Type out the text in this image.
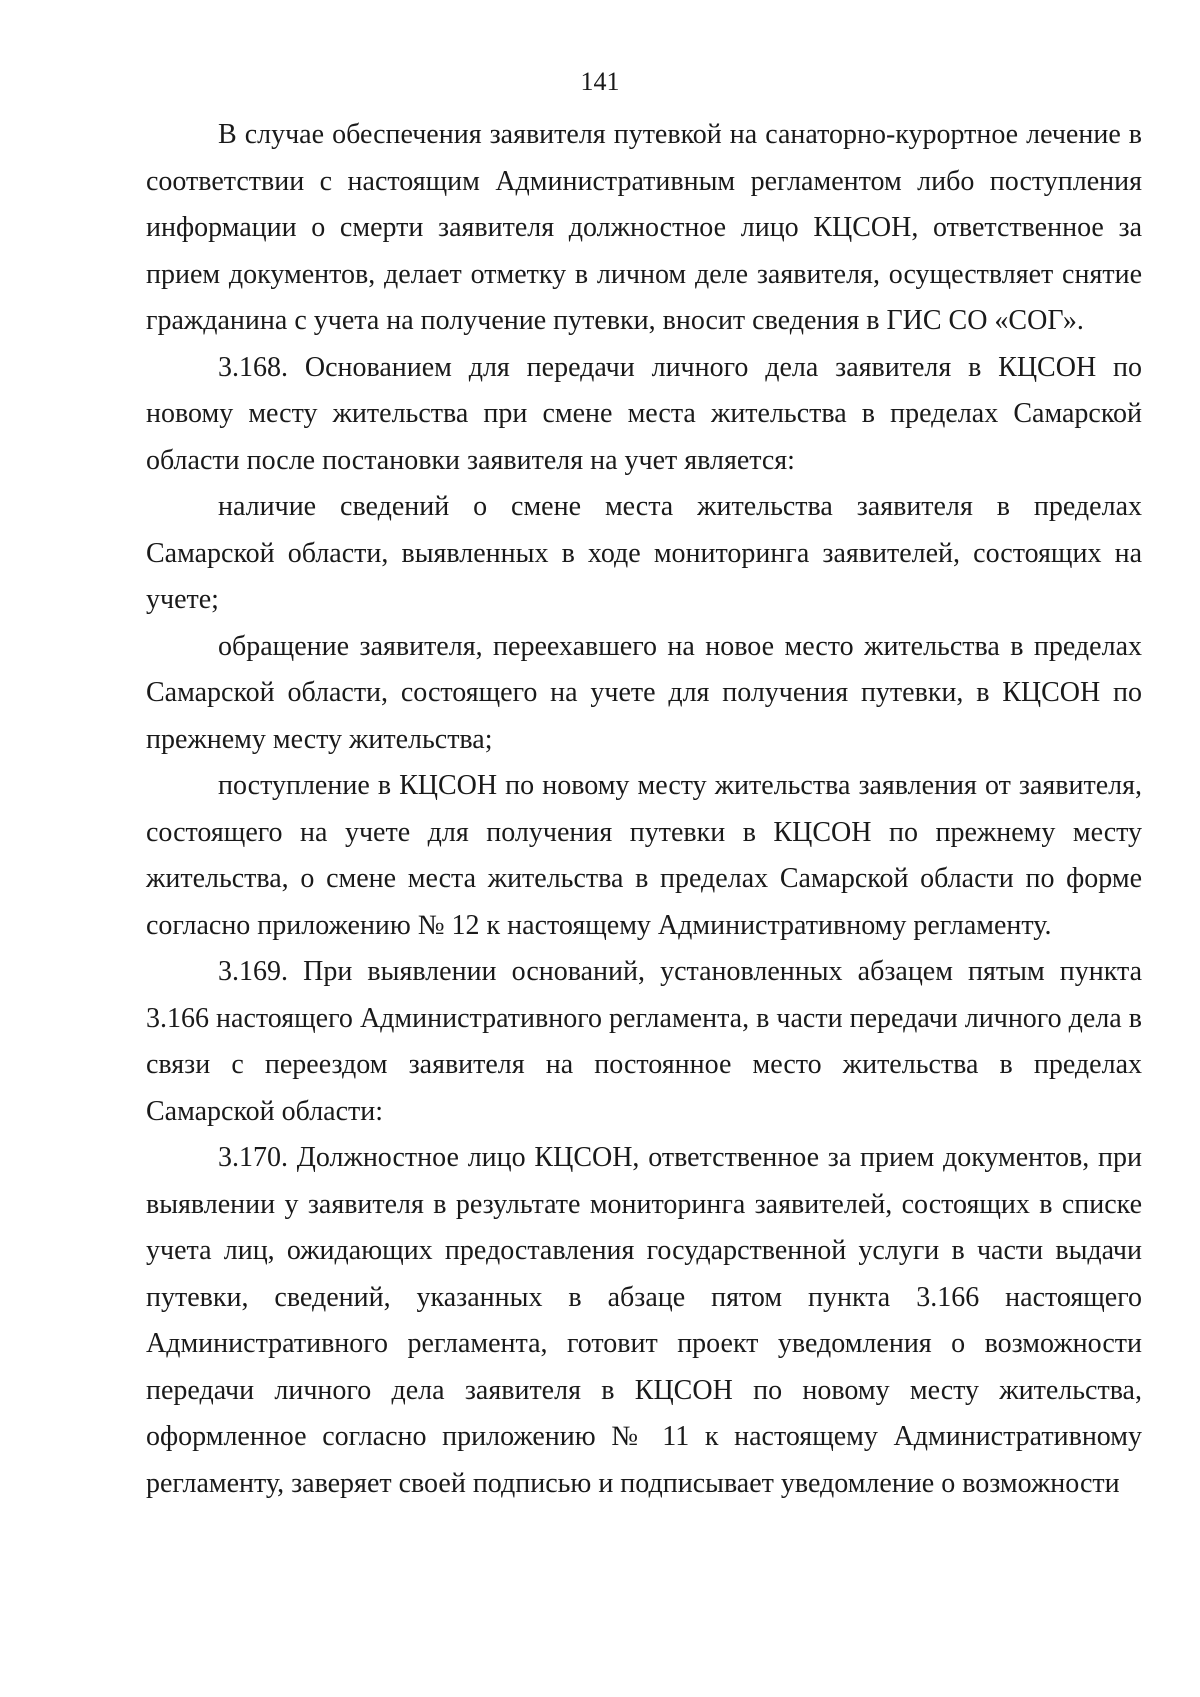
141

В случае обеспечения заявителя путевкой на санаторно-курортное лечение в соответствии с настоящим Административным регламентом либо поступления информации о смерти заявителя должностное лицо КЦСОН, ответственное за прием документов, делает отметку в личном деле заявителя, осуществляет снятие гражданина с учета на получение путевки, вносит сведения в ГИС СО «СОГ».

3.168. Основанием для передачи личного дела заявителя в КЦСОН по новому месту жительства при смене места жительства в пределах Самарской области после постановки заявителя на учет является:

наличие сведений о смене места жительства заявителя в пределах Самарской области, выявленных в ходе мониторинга заявителей, состоящих на учете;

обращение заявителя, переехавшего на новое место жительства в пределах Самарской области, состоящего на учете для получения путевки, в КЦСОН по прежнему месту жительства;

поступление в КЦСОН по новому месту жительства заявления от заявителя, состоящего на учете для получения путевки в КЦСОН по прежнему месту жительства, о смене места жительства в пределах Самарской области по форме согласно приложению № 12 к настоящему Административному регламенту.

3.169. При выявлении оснований, установленных абзацем пятым пункта 3.166 настоящего Административного регламента, в части передачи личного дела в связи с переездом заявителя на постоянное место жительства в пределах Самарской области:

3.170. Должностное лицо КЦСОН, ответственное за прием документов, при выявлении у заявителя в результате мониторинга заявителей, состоящих в списке учета лиц, ожидающих предоставления государственной услуги в части выдачи путевки, сведений, указанных в абзаце пятом пункта 3.166 настоящего Административного регламента, готовит проект уведомления о возможности передачи личного дела заявителя в КЦСОН по новому месту жительства, оформленное согласно приложению № 11 к настоящему Административному регламенту, заверяет своей подписью и подписывает уведомление о возможности
